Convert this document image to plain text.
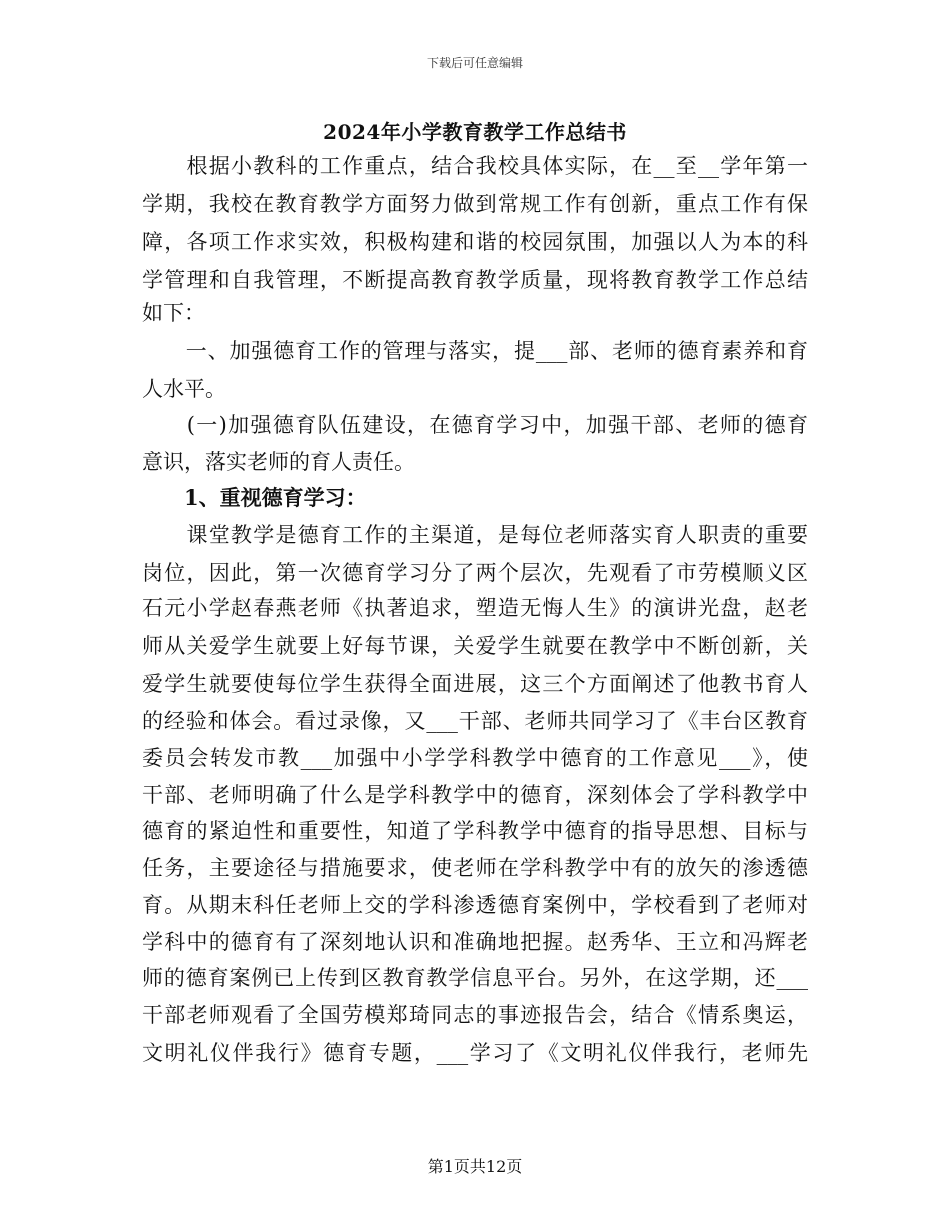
下载后可任意编辑
2024年小学教育教学工作总结书
　　根据小教科的工作重点，结合我校具体实际，在__至__学年第一
学期，我校在教育教学方面努力做到常规工作有创新，重点工作有保
障，各项工作求实效，积极构建和谐的校园氛围，加强以人为本的科
学管理和自我管理，不断提高教育教学质量，现将教育教学工作总结
如下：
　　一、加强德育工作的管理与落实，提___部、老师的德育素养和育
人水平。
　　(一)加强德育队伍建设，在德育学习中，加强干部、老师的德育
意识，落实老师的育人责任。
　　1、重视德育学习：
　　课堂教学是德育工作的主渠道，是每位老师落实育人职责的重要
岗位，因此，第一次德育学习分了两个层次，先观看了市劳模顺义区
石元小学赵春燕老师《执著追求，塑造无悔人生》的演讲光盘，赵老
师从关爱学生就要上好每节课，关爱学生就要在教学中不断创新，关
爱学生就要使每位学生获得全面进展，这三个方面阐述了他教书育人
的经验和体会。看过录像，又___干部、老师共同学习了《丰台区教育
委员会转发市教___加强中小学学科教学中德育的工作意见___》，使
干部、老师明确了什么是学科教学中的德育，深刻体会了学科教学中
德育的紧迫性和重要性，知道了学科教学中德育的指导思想、目标与
任务，主要途径与措施要求，使老师在学科教学中有的放矢的渗透德
育。从期末科任老师上交的学科渗透德育案例中，学校看到了老师对
学科中的德育有了深刻地认识和准确地把握。赵秀华、王立和冯辉老
师的德育案例已上传到区教育教学信息平台。另外，在这学期，还___
干部老师观看了全国劳模郑琦同志的事迹报告会，结合《情系奥运，
文明礼仪伴我行》德育专题，___学习了《文明礼仪伴我行，老师先
第1页共12页
